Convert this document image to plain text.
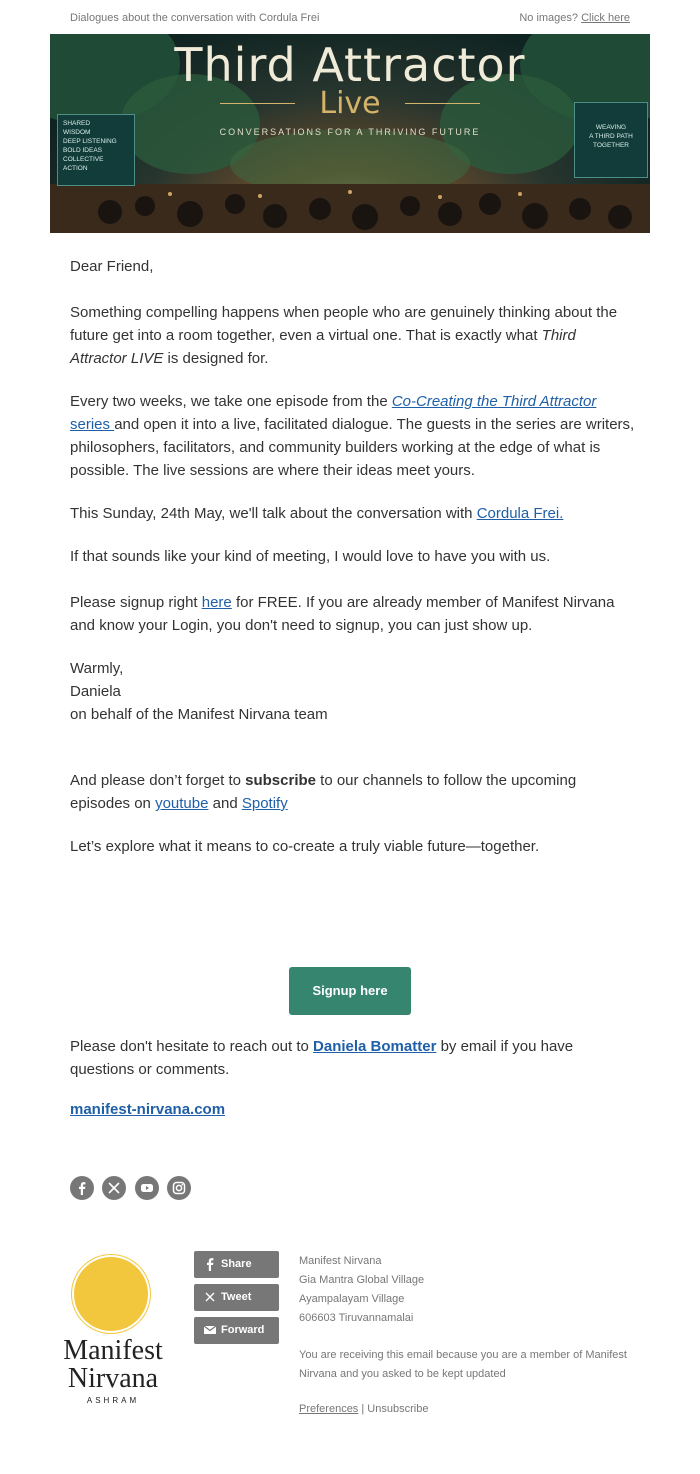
Dialogues about the conversation with Cordula Frei	No images? Click here
Third Attractor
Live
CONVERSATIONS FOR A THRIVING FUTURE
SHARED
WISDOM
DEEP LISTENING
BOLD IDEAS
COLLECTIVE ACTION
WEAVING
A THIRD PATH
TOGETHER

Dear Friend,

Something compelling happens when people who are genuinely thinking about the future get into a room together, even a virtual one. That is exactly what Third Attractor LIVE is designed for.

Every two weeks, we take one episode from the Co-Creating the Third Attractor series and open it into a live, facilitated dialogue. The guests in the series are writers, philosophers, facilitators, and community builders working at the edge of what is possible. The live sessions are where their ideas meet yours.

This Sunday, 24th May, we'll talk about the conversation with Cordula Frei.

If that sounds like your kind of meeting, I would love to have you with us.

Please signup right here for FREE. If you are already member of Manifest Nirvana and know your Login, you don't need to signup, you can just show up.

Warmly,

Daniela

on behalf of the Manifest Nirvana team

And please don’t forget to subscribe to our channels to follow the upcoming episodes on youtube and Spotify

Let’s explore what it means to co-create a truly viable future—together.

Signup here

Please don't hesitate to reach out to Daniela Bomatter by email if you have questions or comments.

manifest-nirvana.com

Manifest
Nirvana
ASHRAM
Share
Tweet
Forward

Manifest Nirvana

Gia Mantra Global Village

Ayampalayam Village

606603 Tiruvannamalai

You are receiving this email because you are a member of Manifest Nirvana and you asked to be kept updated

Preferences | Unsubscribe
